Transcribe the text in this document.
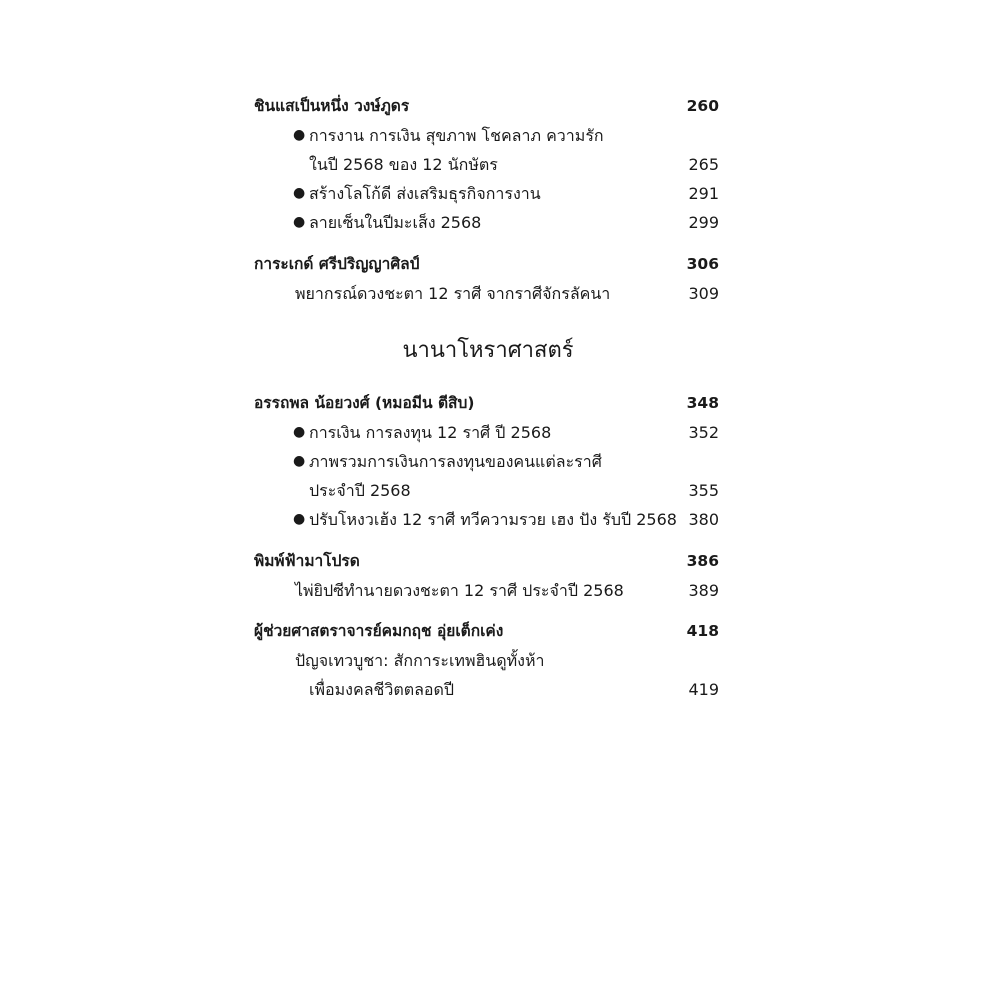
ชินแสเป็นหนึ่ง วงษ์ภูดร	260
● การงาน การเงิน สุขภาพ โชคลาภ ความรัก
ในปี 2568 ของ 12 นักษัตร	265
● สร้างโลโก้ดี ส่งเสริมธุรกิจการงาน	291
● ลายเซ็นในปีมะเส็ง 2568	299
การะเกด์ ศรีปริญญาศิลป์	306
พยากรณ์ดวงชะตา 12 ราศี จากราศีจักรลัคนา	309
นานาโหราศาสตร์
อรรถพล น้อยวงศ์ (หมอมีน ตีสิบ)	348
● การเงิน การลงทุน 12 ราศี ปี 2568	352
● ภาพรวมการเงินการลงทุนของคนแต่ละราศี
ประจำปี 2568	355
● ปรับโหงวเฮ้ง 12 ราศี ทวีความรวย เฮง ปัง รับปี 2568 380
พิมพ์ฟ้ามาโปรด	386
ไพ่ยิปซีทำนายดวงชะตา 12 ราศี ประจำปี 2568	389
ผู้ช่วยศาสตราจารย์คมกฤช อุ่ยเต็กเค่ง	418
ปัญจเทวบูชา: สักการะเทพฮินดูทั้งห้า
เพื่อมงคลชีวิตตลอดปี	419
